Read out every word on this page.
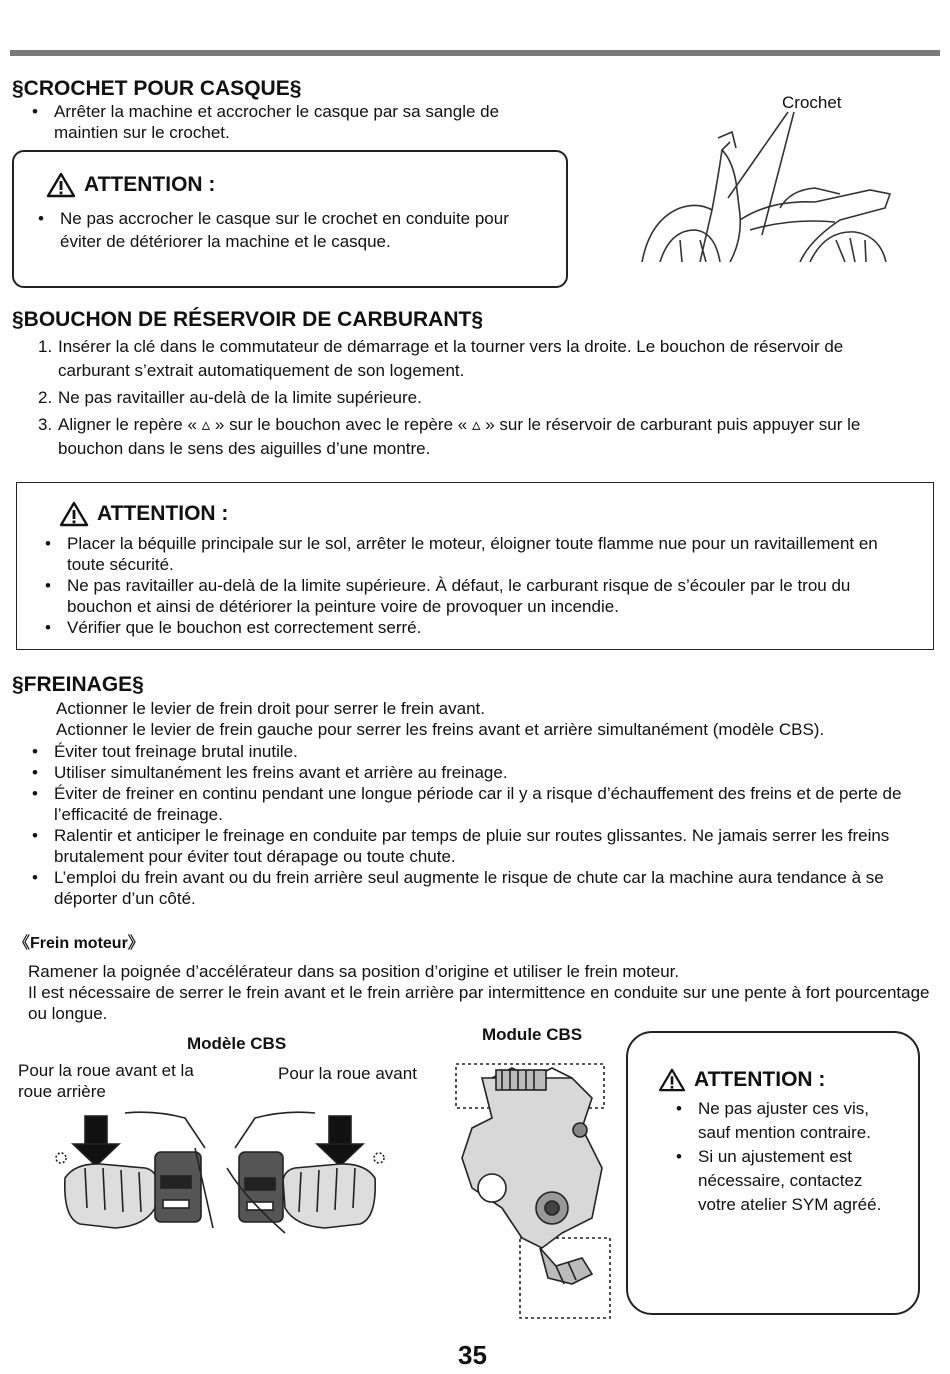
§CROCHET POUR CASQUE§
• Arrêter la machine et accrocher le casque par sa sangle de maintien sur le crochet.
ATTENTION :
• Ne pas accrocher le casque sur le crochet en conduite pour éviter de détériorer la machine et le casque.
Crochet
§BOUCHON DE RÉSERVOIR DE CARBURANT§
1. Insérer la clé dans le commutateur de démarrage et la tourner vers la droite. Le bouchon de réservoir de carburant s’extrait automatiquement de son logement.
2. Ne pas ravitailler au-delà de la limite supérieure.
3. Aligner le repère « ▵ » sur le bouchon avec le repère « ▵ » sur le réservoir de carburant puis appuyer sur le bouchon dans le sens des aiguilles d’une montre.
ATTENTION :
• Placer la béquille principale sur le sol, arrêter le moteur, éloigner toute flamme nue pour un ravitaillement en toute sécurité.
• Ne pas ravitailler au-delà de la limite supérieure. À défaut, le carburant risque de s’écouler par le trou du bouchon et ainsi de détériorer la peinture voire de provoquer un incendie.
• Vérifier que le bouchon est correctement serré.
§FREINAGE§
Actionner le levier de frein droit pour serrer le frein avant.
Actionner le levier de frein gauche pour serrer les freins avant et arrière simultanément (modèle CBS).
• Éviter tout freinage brutal inutile.
• Utiliser simultanément les freins avant et arrière au freinage.
• Éviter de freiner en continu pendant une longue période car il y a risque d’échauffement des freins et de perte de l’efficacité de freinage.
• Ralentir et anticiper le freinage en conduite par temps de pluie sur routes glissantes. Ne jamais serrer les freins brutalement pour éviter tout dérapage ou toute chute.
• L’emploi du frein avant ou du frein arrière seul augmente le risque de chute car la machine aura tendance à se déporter d’un côté.
《Frein moteur》
Ramener la poignée d’accélérateur dans sa position d’origine et utiliser le frein moteur.
Il est nécessaire de serrer le frein avant et le frein arrière par intermittence en conduite sur une pente à fort pourcentage ou longue.
Modèle CBS
Pour la roue avant et la roue arrière
Pour la roue avant
Module CBS
ATTENTION :
• Ne pas ajuster ces vis, sauf mention contraire.
• Si un ajustement est nécessaire, contactez votre atelier SYM agréé.
35
